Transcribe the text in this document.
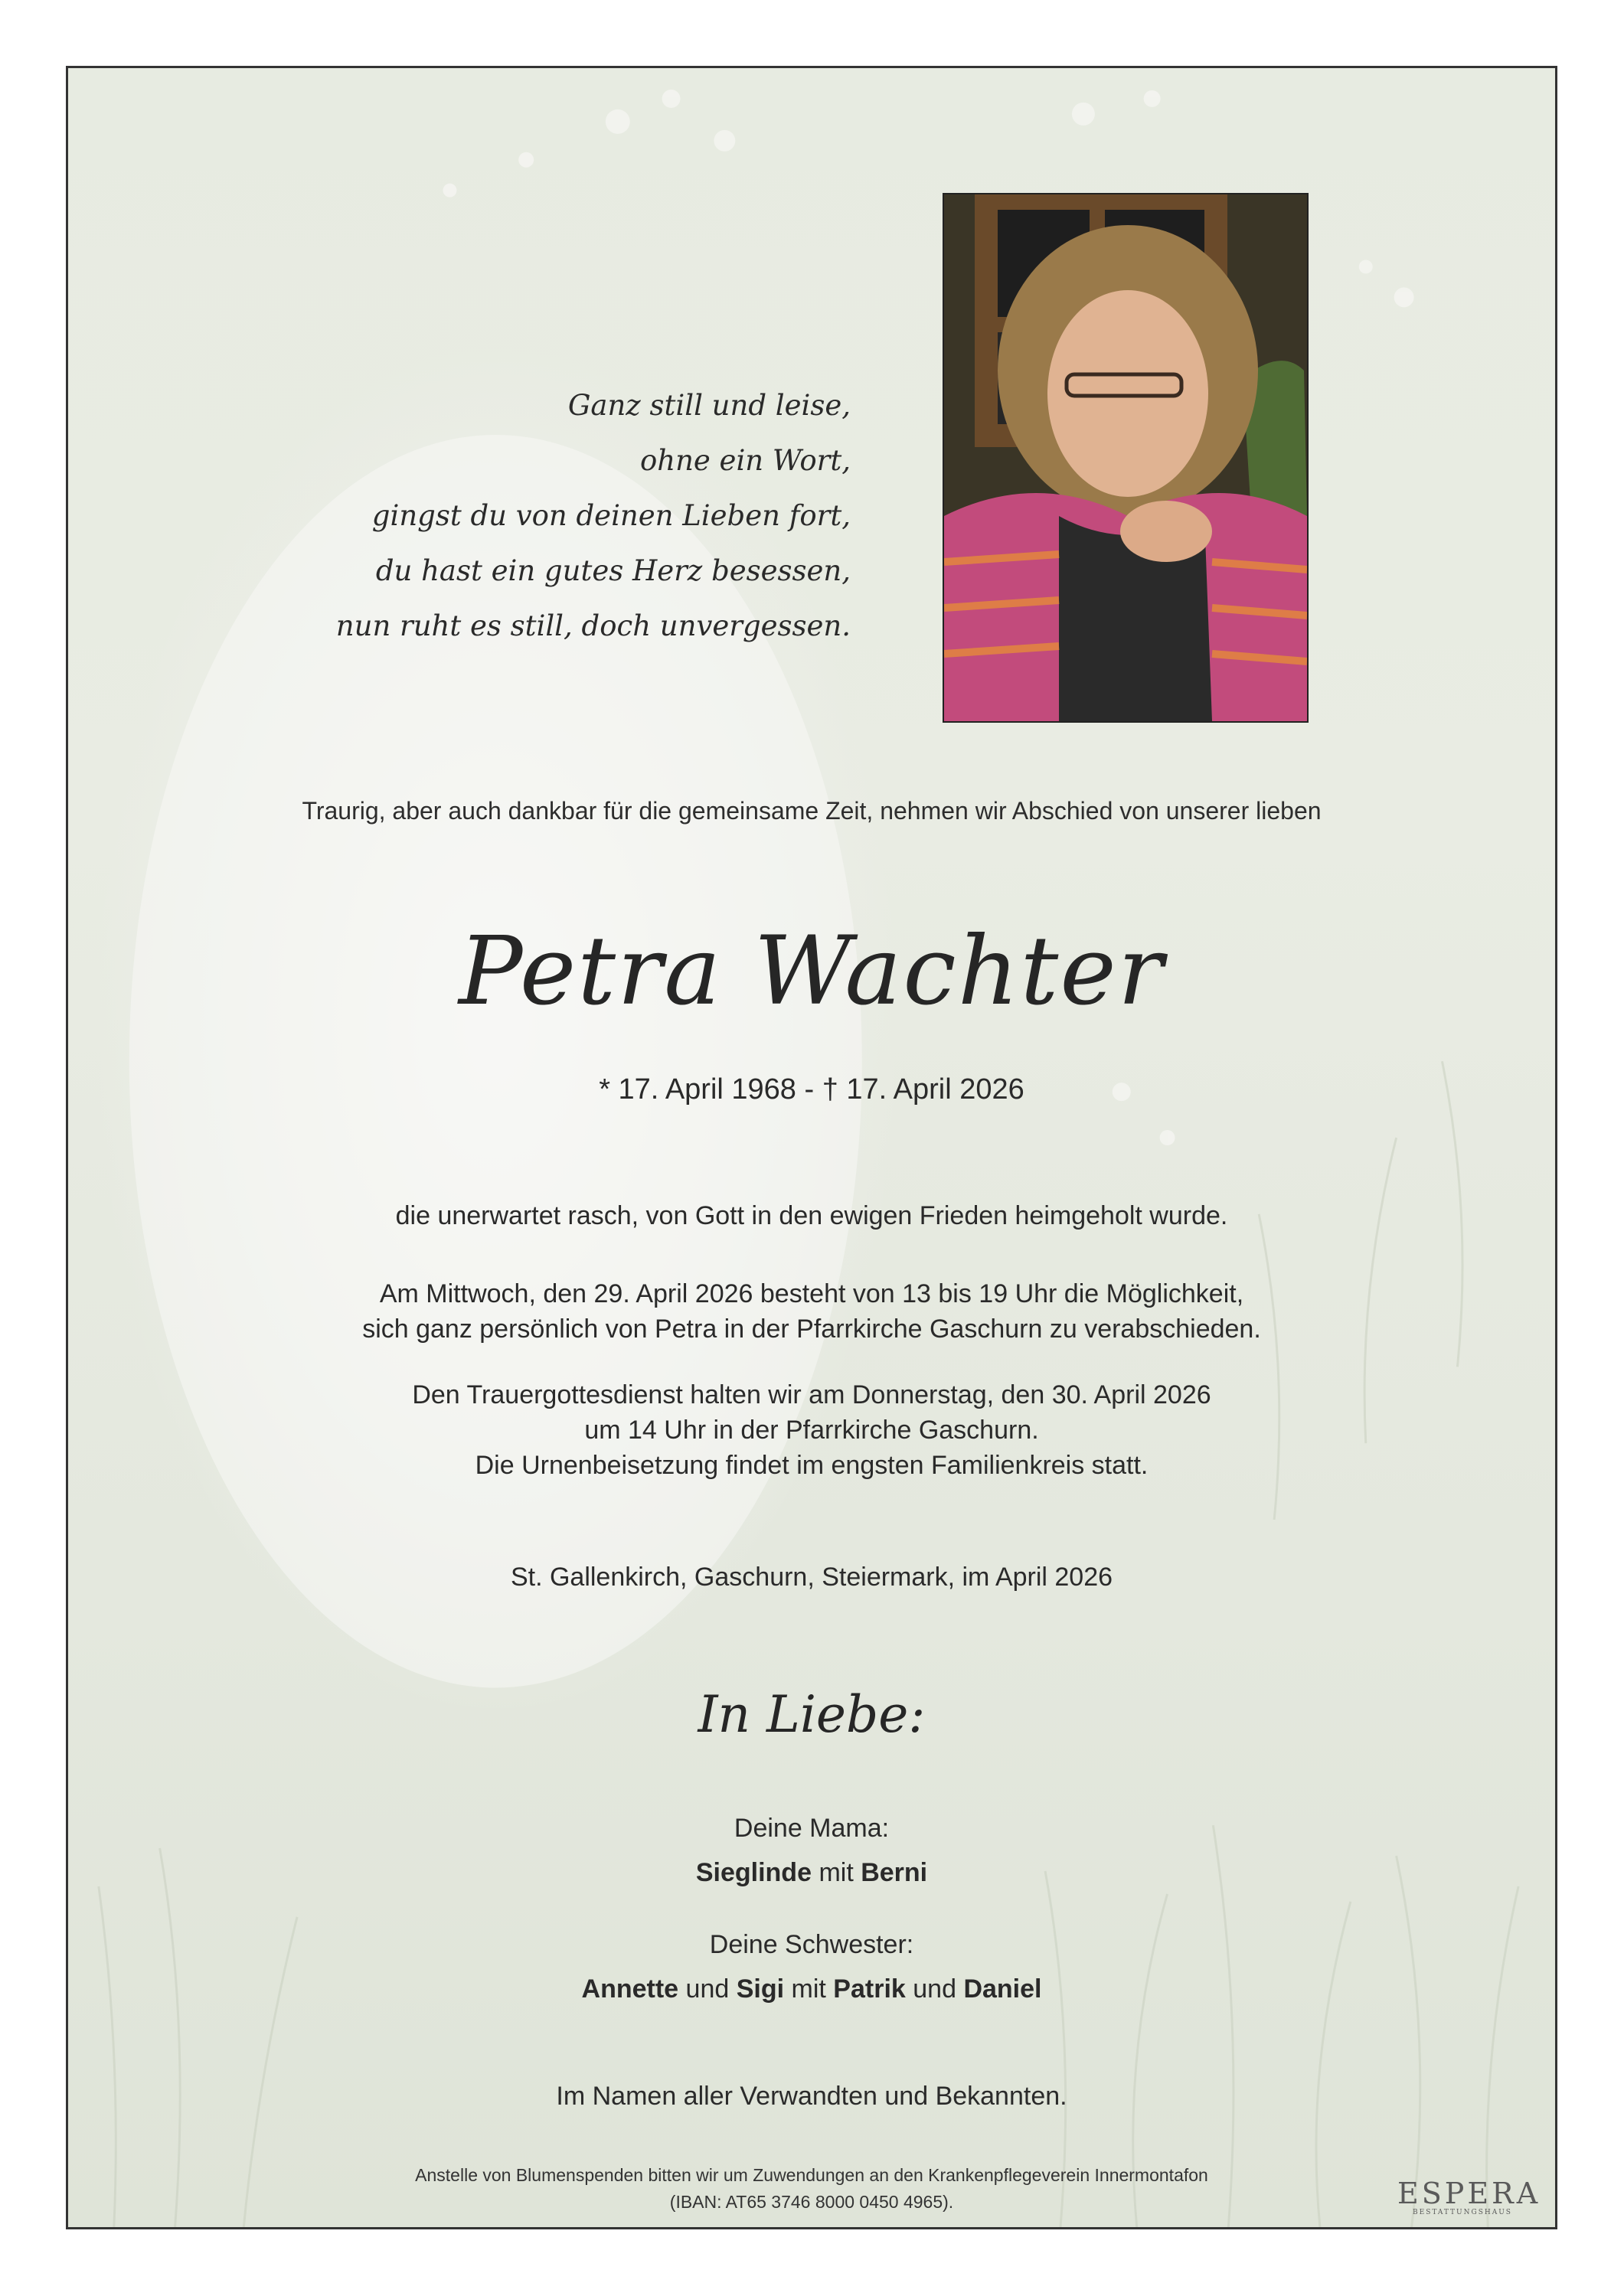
Ganz still und leise,
ohne ein Wort,
gingst du von deinen Lieben fort,
du hast ein gutes Herz besessen,
nun ruht es still, doch unvergessen.
Traurig, aber auch dankbar für die gemeinsame Zeit, nehmen wir Abschied von unserer lieben
Petra Wachter
* 17. April 1968 - † 17. April 2026
die unerwartet rasch, von Gott in den ewigen Frieden heimgeholt wurde.
Am Mittwoch, den 29. April 2026 besteht von 13 bis 19 Uhr die Möglichkeit,
sich ganz persönlich von Petra in der Pfarrkirche Gaschurn zu verabschieden.
Den Trauergottesdienst halten wir am Donnerstag, den 30. April 2026
um 14 Uhr in der Pfarrkirche Gaschurn.
Die Urnenbeisetzung findet im engsten Familienkreis statt.
St. Gallenkirch, Gaschurn, Steiermark, im April 2026
In Liebe:
Deine Mama:
Sieglinde mit Berni
Deine Schwester:
Annette und Sigi mit Patrik und Daniel
Im Namen aller Verwandten und Bekannten.
Anstelle von Blumenspenden bitten wir um Zuwendungen an den Krankenpflegeverein Innermontafon
(IBAN: AT65 3746 8000 0450 4965).	ESPERA
BESTATTUNGSHAUS
